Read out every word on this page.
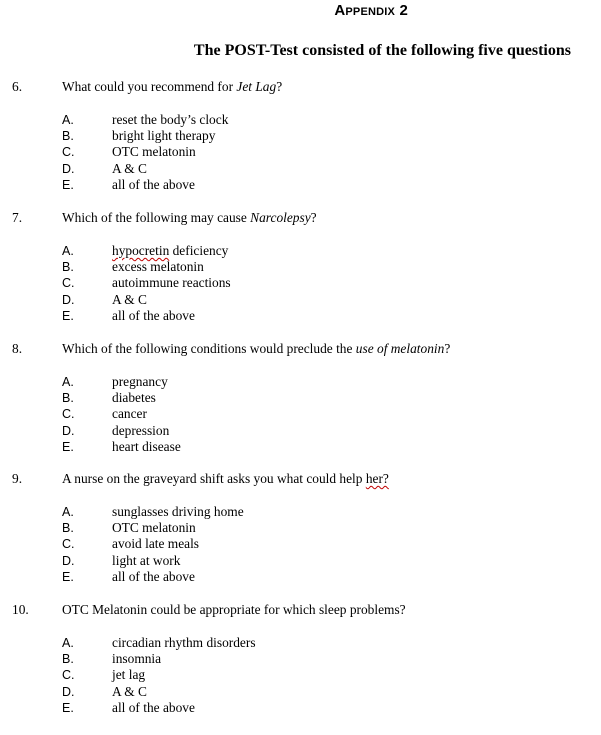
Appendix 2
The POST-Test consisted of the following five questions
6.	What could you recommend for Jet Lag?
A.	reset the body’s clock
B.	bright light therapy
C.	OTC melatonin
D.	A & C
E.	all of the above
7.	Which of the following may cause Narcolepsy?
A.	hypocretin deficiency
B.	excess melatonin
C.	autoimmune reactions
D.	A & C
E.	all of the above
8.	Which of the following conditions would preclude the use of melatonin?
A.	pregnancy
B.	diabetes
C.	cancer
D.	depression
E.	heart disease
9.	A nurse on the graveyard shift asks you what could help her?
A.	sunglasses driving home
B.	OTC melatonin
C.	avoid late meals
D.	light at work
E.	all of the above
10. OTC Melatonin could be appropriate for which sleep problems?
A.	circadian rhythm disorders
B.	insomnia
C.	jet lag
D.	A & C
E.	all of the above
